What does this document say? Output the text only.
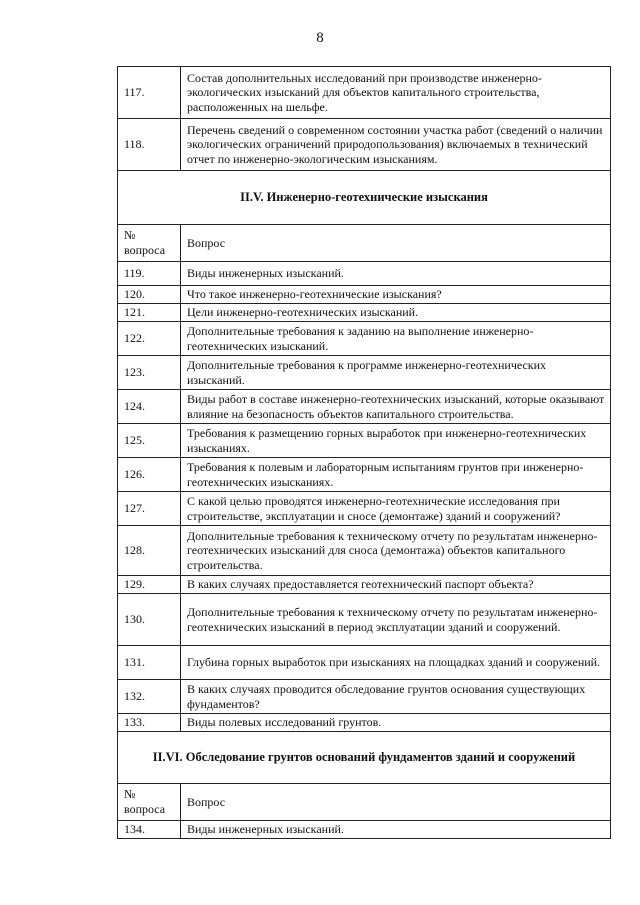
8
117.	Состав дополнительных исследований при производстве инженерно-экологических изысканий для объектов капитального строительства, расположенных на шельфе.
118.	Перечень сведений о современном состоянии участка работ (сведений о наличии экологических ограничений природопользования) включаемых в технический отчет по инженерно-экологическим изысканиям.
II.V. Инженерно-геотехнические изыскания	
№ вопроса	Вопрос
119.	Виды инженерных изысканий.
120.	Что такое инженерно-геотехнические изыскания?
121.	Цели инженерно-геотехнических изысканий.
122.	Дополнительные требования к заданию на выполнение инженерно-геотехнических изысканий.
123.	Дополнительные требования к программе инженерно-геотехнических изысканий.
124.	Виды работ в составе инженерно-геотехнических изысканий, которые оказывают влияние на безопасность объектов капитального строительства.
125.	Требования к размещению горных выработок при инженерно-геотехнических изысканиях.
126.	Требования к полевым и лабораторным испытаниям грунтов при инженерно-геотехнических изысканиях.
127.	С какой целью проводятся инженерно-геотехнические исследования при строительстве, эксплуатации и сносе (демонтаже) зданий и сооружений?
128.	Дополнительные требования к техническому отчету по результатам инженерно-геотехнических изысканий для сноса (демонтажа) объектов капитального строительства.
129.	В каких случаях предоставляется геотехнический паспорт объекта?
130.	Дополнительные требования к техническому отчету по результатам инженерно-геотехнических изысканий в период эксплуатации зданий и сооружений.
131.	Глубина горных выработок при изысканиях на площадках зданий и сооружений.
132.	В каких случаях проводится обследование грунтов основания существующих фундаментов?
133.	Виды полевых исследований грунтов.
II.VI. Обследование грунтов оснований фундаментов зданий и сооружений	
№ вопроса	Вопрос
134.	Виды инженерных изысканий.
